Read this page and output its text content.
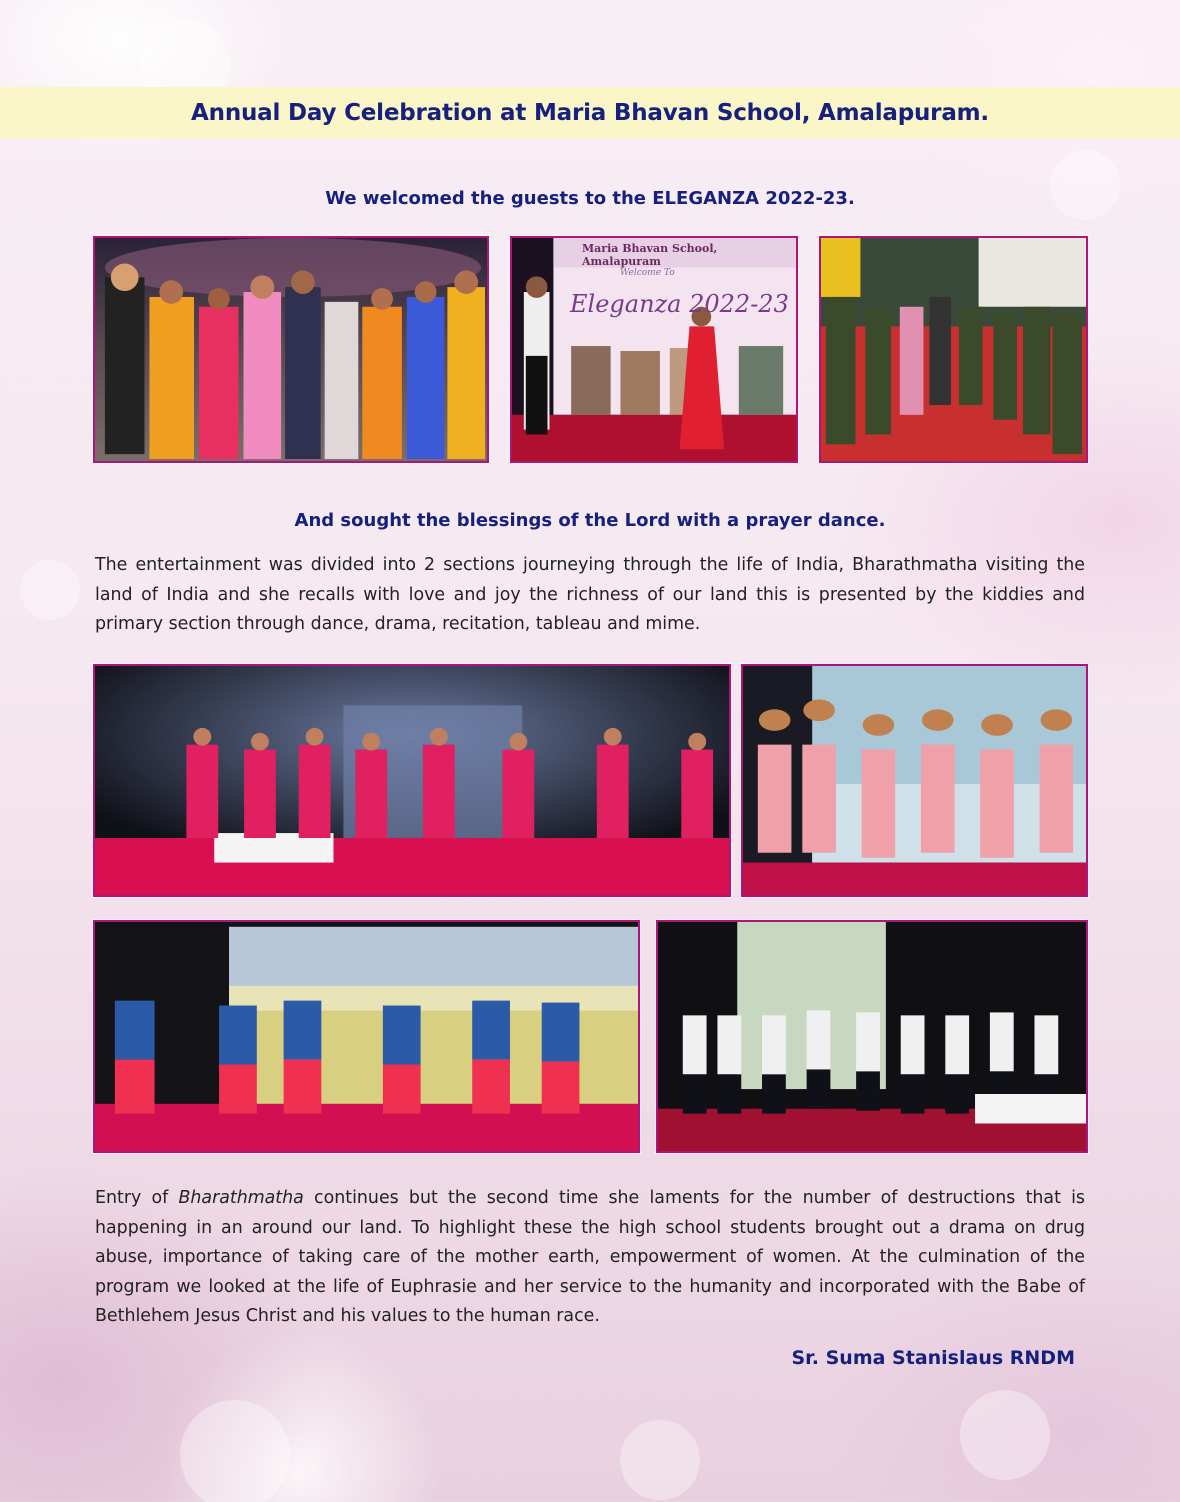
Annual Day Celebration at Maria Bhavan School, Amalapuram.
We welcomed the guests to the ELEGANZA 2022-23.
Maria Bhavan School, Amalapuram
Welcome To
Eleganza 2022-23
And sought the blessings of the Lord with a prayer dance.

The entertainment was divided into 2 sections journeying through the life of India, Bharathmatha visiting the land of India and she recalls with love and joy the richness of our land this is presented by the kiddies and primary section through dance, drama, recitation, tableau and mime.

Entry of Bharathmatha continues but the second time she laments for the number of destructions that is happening in an around our land. To highlight these the high school students brought out a drama on drug abuse, importance of taking care of the mother earth, empowerment of women. At the culmination of the program we looked at the life of Euphrasie and her service to the humanity and incorporated with the Babe of Bethlehem Jesus Christ and his values to the human race.

Sr. Suma Stanislaus RNDM
